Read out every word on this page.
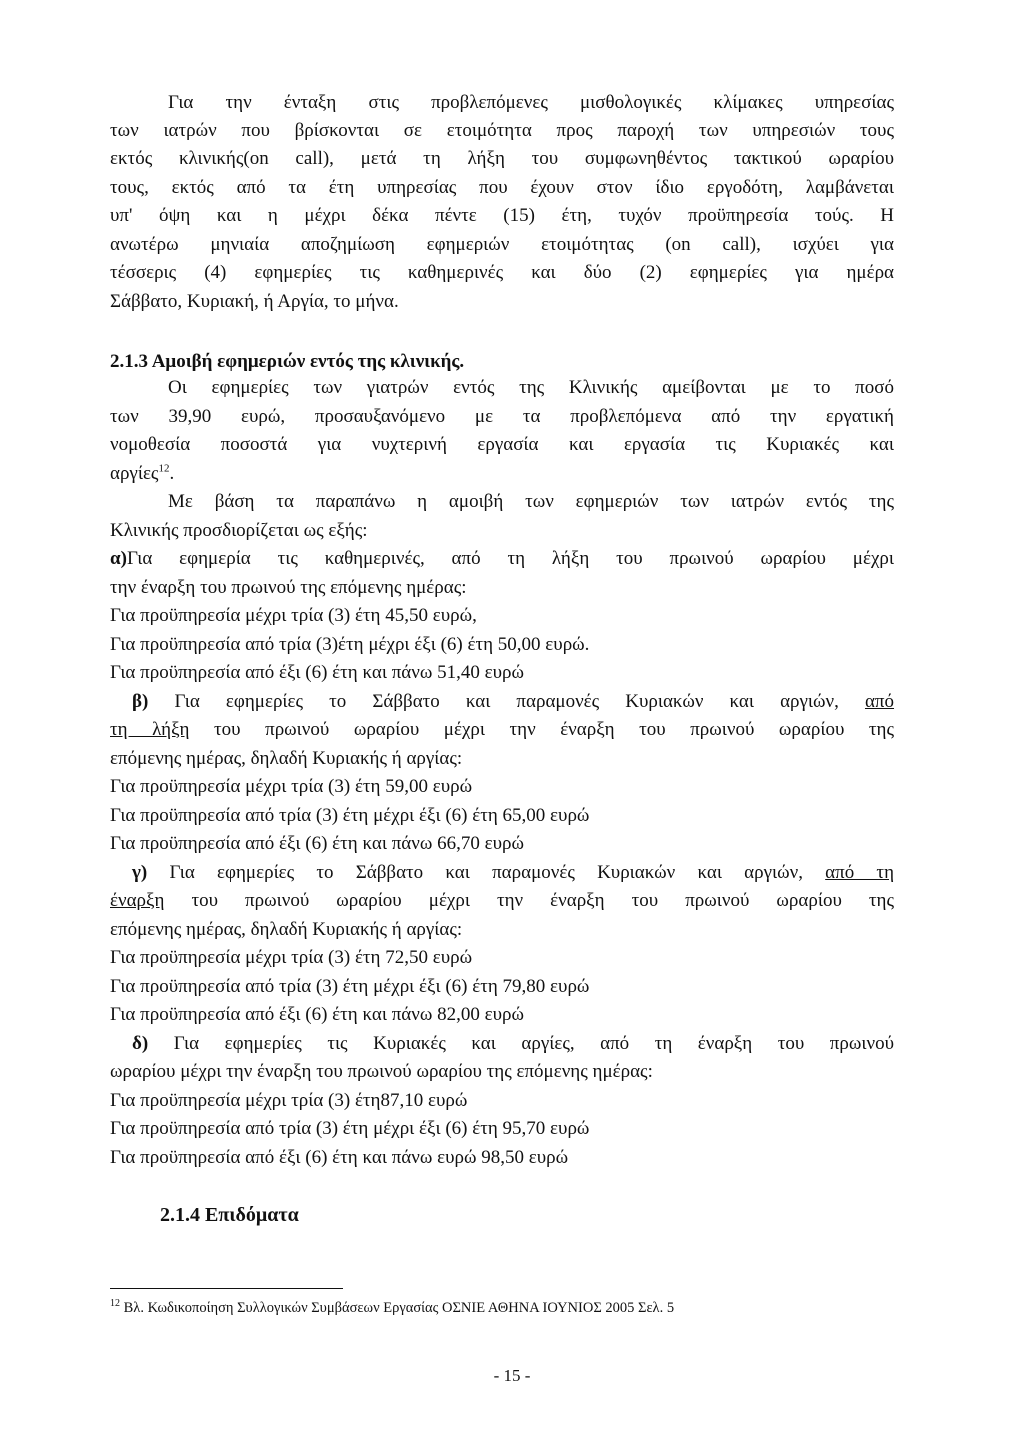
Για την ένταξη στις προβλεπόμενες μισθολογικές κλίμακες υπηρεσίας
των ιατρών που βρίσκονται σε ετοιμότητα προς παροχή των υπηρεσιών τους
εκτός κλινικής(on call), μετά τη λήξη του συμφωνηθέντος τακτικού ωραρίου
τους, εκτός από τα έτη υπηρεσίας που έχουν στον ίδιο εργοδότη, λαμβάνεται
υπ' όψη και η μέχρι δέκα πέντε (15) έτη, τυχόν προϋπηρεσία τούς. Η
ανωτέρω μηνιαία αποζημίωση εφημεριών ετοιμότητας (on call), ισχύει για
τέσσερις (4) εφημερίες τις καθημερινές και δύο (2) εφημερίες για ημέρα
Σάββατο, Κυριακή, ή Αργία, το μήνα.
2.1.3 Αμοιβή εφημεριών εντός της κλινικής.
Οι εφημερίες των γιατρών εντός της Κλινικής αμείβονται με το ποσό
των 39,90 ευρώ, προσαυξανόμενο με τα προβλεπόμενα από την εργατική
νομοθεσία ποσοστά για νυχτερινή εργασία και εργασία τις Κυριακές και
αργίες$^{12}$.
Με βάση τα παραπάνω η αμοιβή των εφημεριών των ιατρών εντός της
Κλινικής προσδιορίζεται ως εξής:
α)Για εφημερία τις καθημερινές, από τη λήξη του πρωινού ωραρίου μέχρι
την έναρξη του πρωινού της επόμενης ημέρας:
Για προϋπηρεσία μέχρι τρία (3) έτη 45,50 ευρώ,
Για προϋπηρεσία από τρία (3)έτη μέχρι έξι (6) έτη 50,00 ευρώ.
Για προϋπηρεσία από έξι (6) έτη και πάνω 51,40 ευρώ
β) Για εφημερίες το Σάββατο και παραμονές Κυριακών και αργιών, από
τη λήξη του πρωινού ωραρίου μέχρι την έναρξη του πρωινού ωραρίου της
επόμενης ημέρας, δηλαδή Κυριακής ή αργίας:
Για προϋπηρεσία μέχρι τρία (3) έτη 59,00 ευρώ
Για προϋπηρεσία από τρία (3) έτη μέχρι έξι (6) έτη 65,00 ευρώ
Για προϋπηρεσία από έξι (6) έτη και πάνω 66,70 ευρώ
γ) Για εφημερίες το Σάββατο και παραμονές Κυριακών και αργιών, από τη
έναρξη του πρωινού ωραρίου μέχρι την έναρξη του πρωινού ωραρίου της
επόμενης ημέρας, δηλαδή Κυριακής ή αργίας:
Για προϋπηρεσία μέχρι τρία (3) έτη 72,50 ευρώ
Για προϋπηρεσία από τρία (3) έτη μέχρι έξι (6) έτη 79,80 ευρώ
Για προϋπηρεσία από έξι (6) έτη και πάνω 82,00 ευρώ
δ) Για εφημερίες τις Κυριακές και αργίες, από τη έναρξη του πρωινού
ωραρίου μέχρι την έναρξη του πρωινού ωραρίου της επόμενης ημέρας:
Για προϋπηρεσία μέχρι τρία (3) έτη87,10 ευρώ
Για προϋπηρεσία από τρία (3) έτη μέχρι έξι (6) έτη 95,70 ευρώ
Για προϋπηρεσία από έξι (6) έτη και πάνω ευρώ 98,50 ευρώ
2.1.4 Επιδόματα
$^{12}$ Βλ. Κωδικοποίηση Συλλογικών Συμβάσεων Εργασίας ΟΣΝΙΕ ΑΘΗΝΑ ΙΟΥΝΙΟΣ 2005 Σελ. 5
- 15 -
